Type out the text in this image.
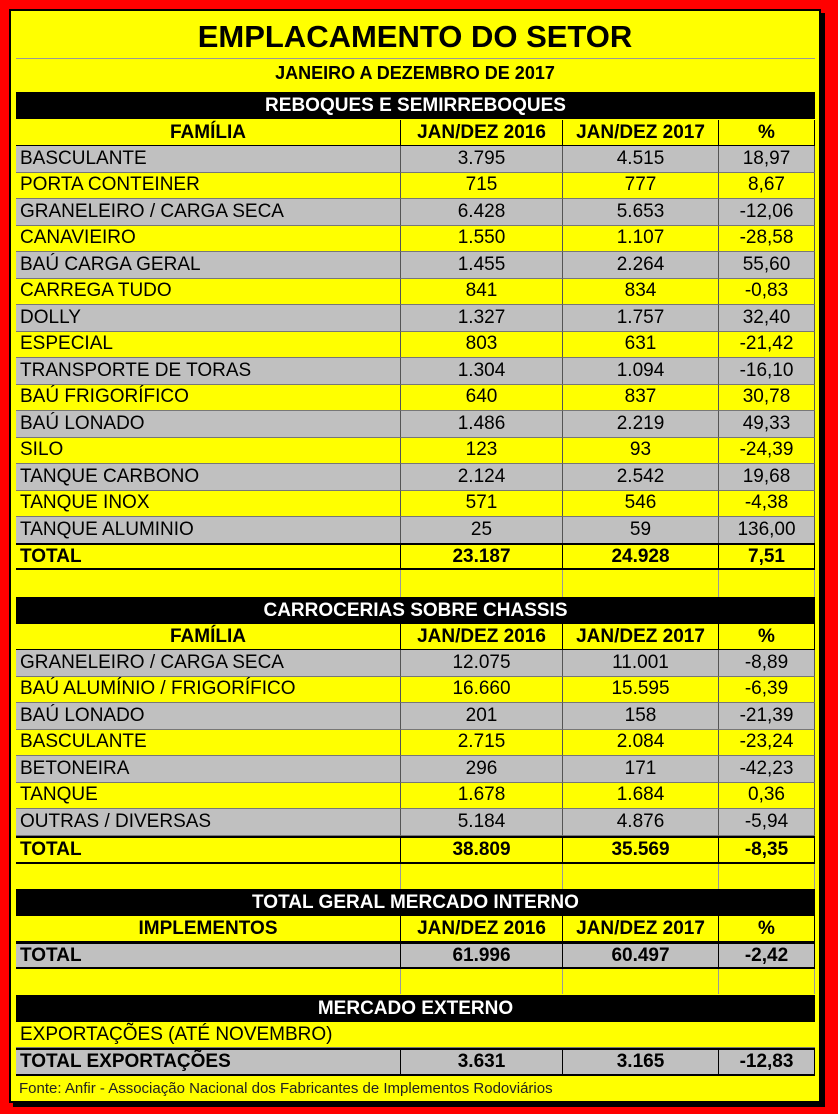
EMPLACAMENTO DO SETOR
JANEIRO A DEZEMBRO DE 2017
REBOQUES E SEMIRREBOQUES
FAMÍLIA	JAN/DEZ 2016	JAN/DEZ 2017	%
BASCULANTE	3.795	4.515	18,97
PORTA CONTEINER	715	777	8,67
GRANELEIRO / CARGA SECA	6.428	5.653	-12,06
CANAVIEIRO	1.550	1.107	-28,58
BAÚ CARGA GERAL	1.455	2.264	55,60
CARREGA TUDO	841	834	-0,83
DOLLY	1.327	1.757	32,40
ESPECIAL	803	631	-21,42
TRANSPORTE DE TORAS	1.304	1.094	-16,10
BAÚ FRIGORÍFICO	640	837	30,78
BAÚ LONADO	1.486	2.219	49,33
SILO	123	93	-24,39
TANQUE CARBONO	2.124	2.542	19,68
TANQUE INOX	571	546	-4,38
TANQUE ALUMINIO	25	59	136,00
TOTAL	23.187	24.928	7,51
CARROCERIAS SOBRE CHASSIS
FAMÍLIA	JAN/DEZ 2016	JAN/DEZ 2017	%
GRANELEIRO / CARGA SECA	12.075	11.001	-8,89
BAÚ ALUMÍNIO / FRIGORÍFICO	16.660	15.595	-6,39
BAÚ LONADO	201	158	-21,39
BASCULANTE	2.715	2.084	-23,24
BETONEIRA	296	171	-42,23
TANQUE	1.678	1.684	0,36
OUTRAS / DIVERSAS	5.184	4.876	-5,94
TOTAL	38.809	35.569	-8,35
TOTAL GERAL MERCADO INTERNO
IMPLEMENTOS	JAN/DEZ 2016	JAN/DEZ 2017	%
TOTAL	61.996	60.497	-2,42
MERCADO EXTERNO
EXPORTAÇÕES (ATÉ NOVEMBRO)
TOTAL EXPORTAÇÕES	3.631	3.165	-12,83
Fonte: Anfir - Associação Nacional dos Fabricantes de Implementos Rodoviários
